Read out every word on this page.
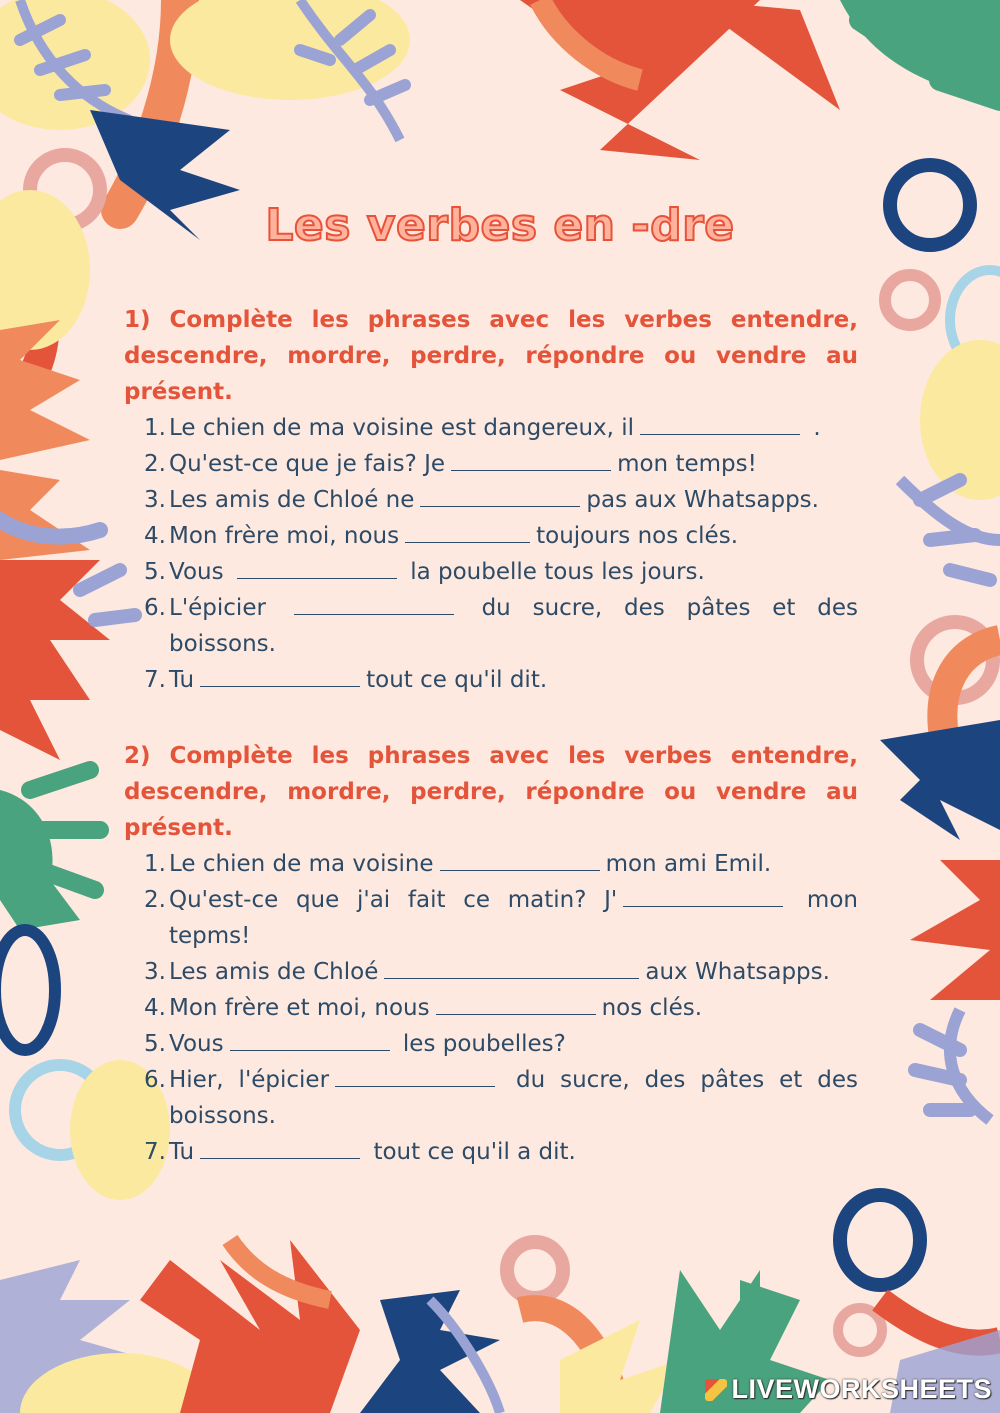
Les verbes en -dre

1) Complète les phrases avec les verbes entendre, descendre, mordre, perdre, répondre ou vendre au présent.

1. Le chien de ma voisine est dangereux, il	.
2. Qu'est-ce que je fais? Je	mon temps!
3. Les amis de Chloé ne	pas aux Whatsapps.
4. Mon frère moi, nous	toujours nos clés.
5. Vous	la poubelle tous les jours.
6. L'épicier	du sucre, des pâtes et des boissons.
7. Tu	tout ce qu'il dit.

2) Complète les phrases avec les verbes entendre, descendre, mordre, perdre, répondre ou vendre au présent.

1. Le chien de ma voisine	mon ami Emil.
2. Qu'est-ce que j'ai fait ce matin? J'	mon tepms!
3. Les amis de Chloé	aux Whatsapps.
4. Mon frère et moi, nous	nos clés.
5. Vous	les poubelles?
6. Hier, l'épicier	du sucre, des pâtes et des boissons.
7. Tu	tout ce qu'il a dit.
LIVEWORKSHEETS
